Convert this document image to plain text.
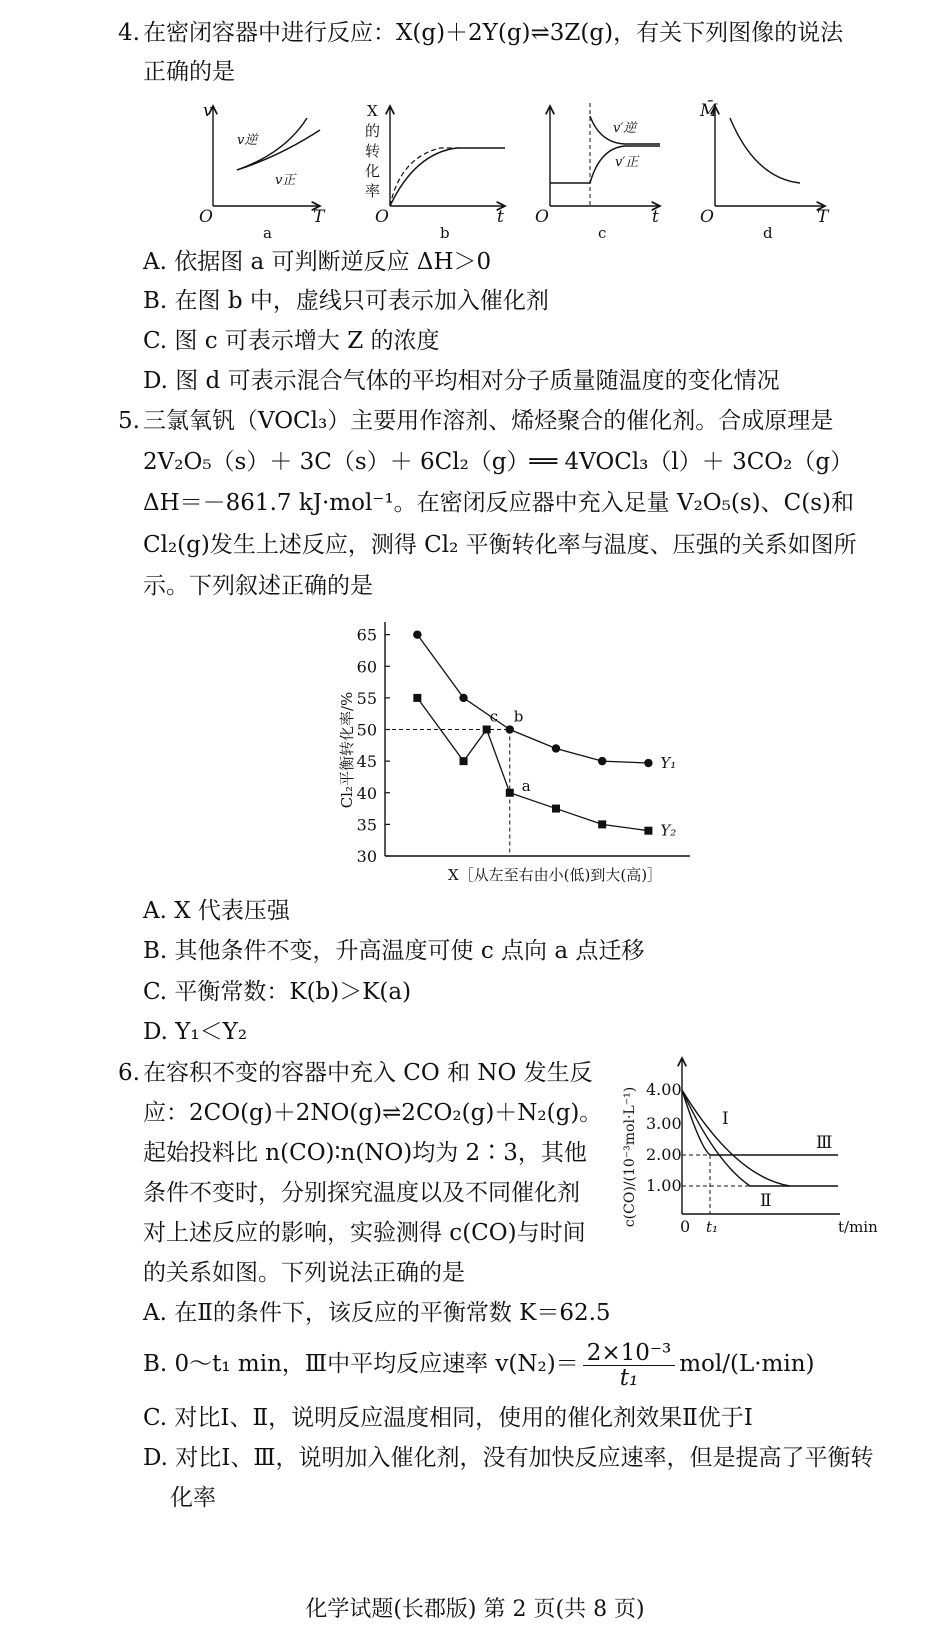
4. 在密闭容器中进行反应：X(g)＋2Y(g)⇌3Z(g)，有关下列图像的说法
正确的是
v
T
O
a
v逆
v正
X
的
转
化
率
t
O
b
v′逆
v′正
t
O
c
M̄
T
O
d
A. 依据图 a 可判断逆反应 ΔH＞0
B. 在图 b 中，虚线只可表示加入催化剂
C. 图 c 可表示增大 Z 的浓度
D. 图 d 可表示混合气体的平均相对分子质量随温度的变化情况
5. 三氯氧钒（VOCl₃）主要用作溶剂、烯烃聚合的催化剂。合成原理是
2V₂O₅（s）＋ 3C（s）＋ 6Cl₂（g）══ 4VOCl₃（l）＋ 3CO₂（g）
ΔH＝－861.7 kJ·mol⁻¹。在密闭反应器中充入足量 V₂O₅(s)、C(s)和
Cl₂(g)发生上述反应，测得 Cl₂ 平衡转化率与温度、压强的关系如图所
示。下列叙述正确的是
65
60
55
50
45
40
35
30
Y₁
Y₂
c b
a
X［从左至右由小(低)到大(高)］
Cl₂平衡转化率/%
A. X 代表压强
B. 其他条件不变，升高温度可使 c 点向 a 点迁移
C. 平衡常数：K(b)＞K(a)
D. Y₁＜Y₂
6. 在容积不变的容器中充入 CO 和 NO 发生反
应：2CO(g)＋2NO(g)⇌2CO₂(g)＋N₂(g)。
起始投料比 n(CO)∶n(NO)均为 2∶3，其他
条件不变时，分别探究温度以及不同催化剂
对上述反应的影响，实验测得 c(CO)与时间
的关系如图。下列说法正确的是
4.00
3.00
2.00
1.00
0 t₁	t/min
c(CO)/(10⁻³mol·L⁻¹)	Ⅰ
Ⅱ
Ⅲ
A. 在Ⅱ的条件下，该反应的平衡常数 K＝62.5
B. 0～t₁ min，Ⅲ中平均反应速率 $v(N_2)= \frac{\text{2×10⁻³}}{\text{t₁}} mol/(L\cdot\min)$
C. 对比Ⅰ、Ⅱ，说明反应温度相同，使用的催化剂效果Ⅱ优于Ⅰ
D. 对比Ⅰ、Ⅲ，说明加入催化剂，没有加快反应速率，但是提高了平衡转
化率
化学试题(长郡版) 第 2 页(共 8 页)
